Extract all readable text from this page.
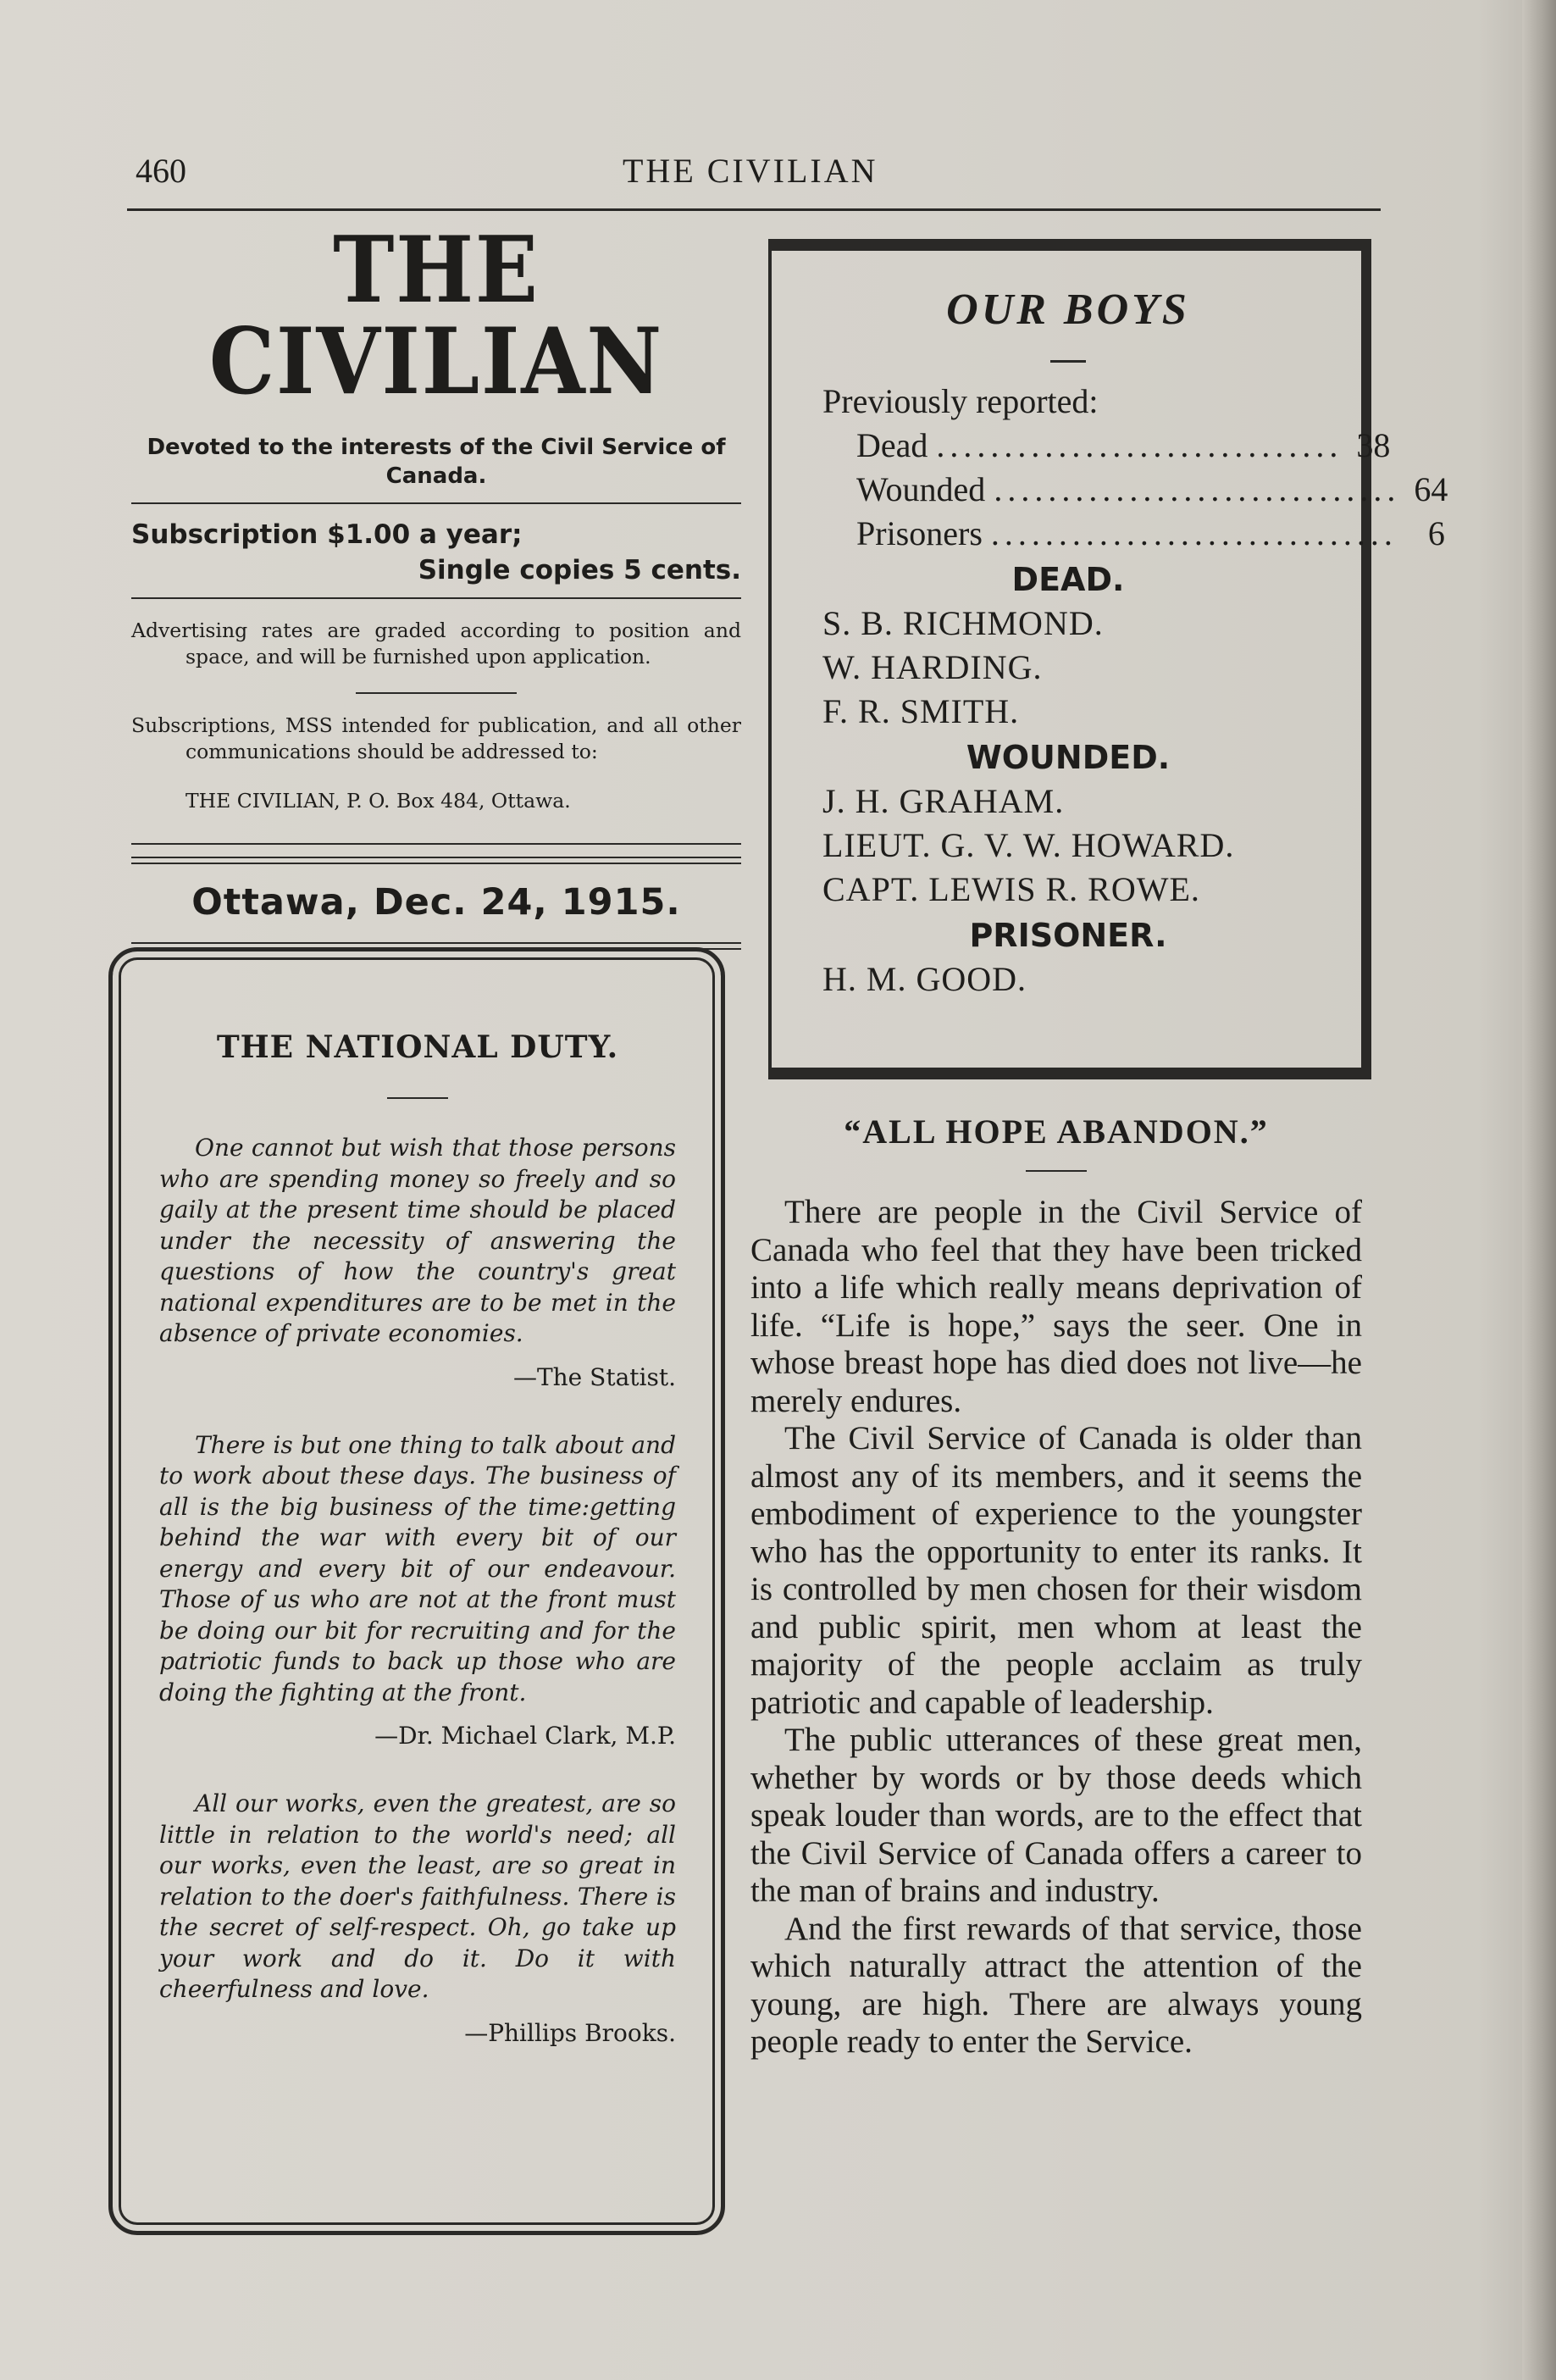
460	THE CIVILIAN
THE CIVILIAN
Devoted to the interests of the Civil Service of Canada.
Subscription $1.00 a year;
Single copies 5 cents.

Advertising rates are graded according to position and space, and will be furnished upon application.

Subscriptions, MSS intended for publication, and all other communications should be addressed to:

THE CIVILIAN, P. O. Box 484, Ottawa.
Ottawa, Dec. 24, 1915.
THE NATIONAL DUTY.

One cannot but wish that those persons who are spending money so freely and so gaily at the present time should be placed under the necessity of answering the questions of how the country's great national expenditures are to be met in the absence of private economies.

—The Statist.

There is but one thing to talk about and to work about these days. The business of all is the big business of the time:getting behind the war with every bit of our energy and every bit of our endeavour. Those of us who are not at the front must be doing our bit for recruiting and for the patriotic funds to back up those who are doing the fighting at the front.

—Dr. Michael Clark, M.P.

All our works, even the greatest, are so little in relation to the world's need; all our works, even the least, are so great in relation to the doer's faithfulness. There is the secret of self-respect. Oh, go take up your work and do it. Do it with cheerfulness and love.

—Phillips Brooks.
OUR BOYS
Previously reported:
Dead .............................. 38
Wounded .............................. 64
Prisoners .............................. 6
DEAD.
S. B. RICHMOND.
W. HARDING.
F. R. SMITH.
WOUNDED.
J. H. GRAHAM.
LIEUT. G. V. W. HOWARD.
CAPT. LEWIS R. ROWE.
PRISONER.
H. M. GOOD.
“ALL HOPE ABANDON.”

There are people in the Civil Service of Canada who feel that they have been tricked into a life which really means deprivation of life. “Life is hope,” says the seer. One in whose breast hope has died does not live—he merely endures.

The Civil Service of Canada is older than almost any of its members, and it seems the embodiment of experience to the youngster who has the opportunity to enter its ranks. It is controlled by men chosen for their wisdom and public spirit, men whom at least the majority of the people acclaim as truly patriotic and capable of leadership.

The public utterances of these great men, whether by words or by those deeds which speak louder than words, are to the effect that the Civil Service of Canada offers a career to the man of brains and industry.

And the first rewards of that service, those which naturally attract the attention of the young, are high. There are always young people ready to enter the Service.
